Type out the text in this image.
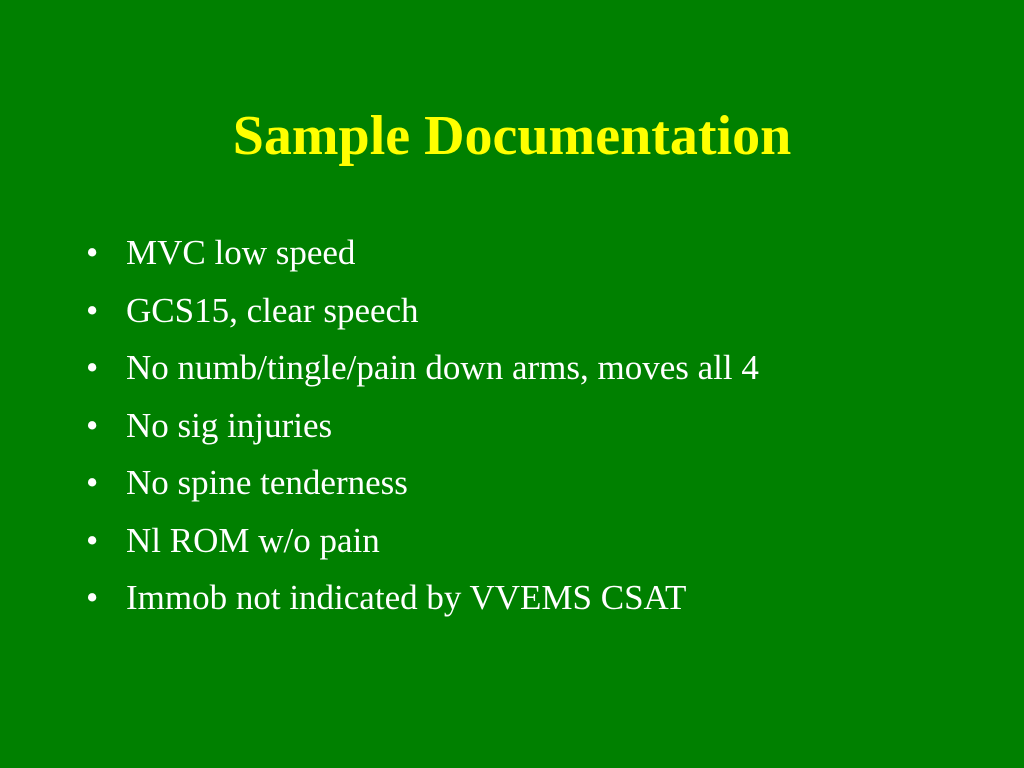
Sample Documentation
• MVC low speed
• GCS15, clear speech
• No numb/tingle/pain down arms, moves all 4
• No sig injuries
• No spine tenderness
• Nl ROM w/o pain
• Immob not indicated by VVEMS CSAT
